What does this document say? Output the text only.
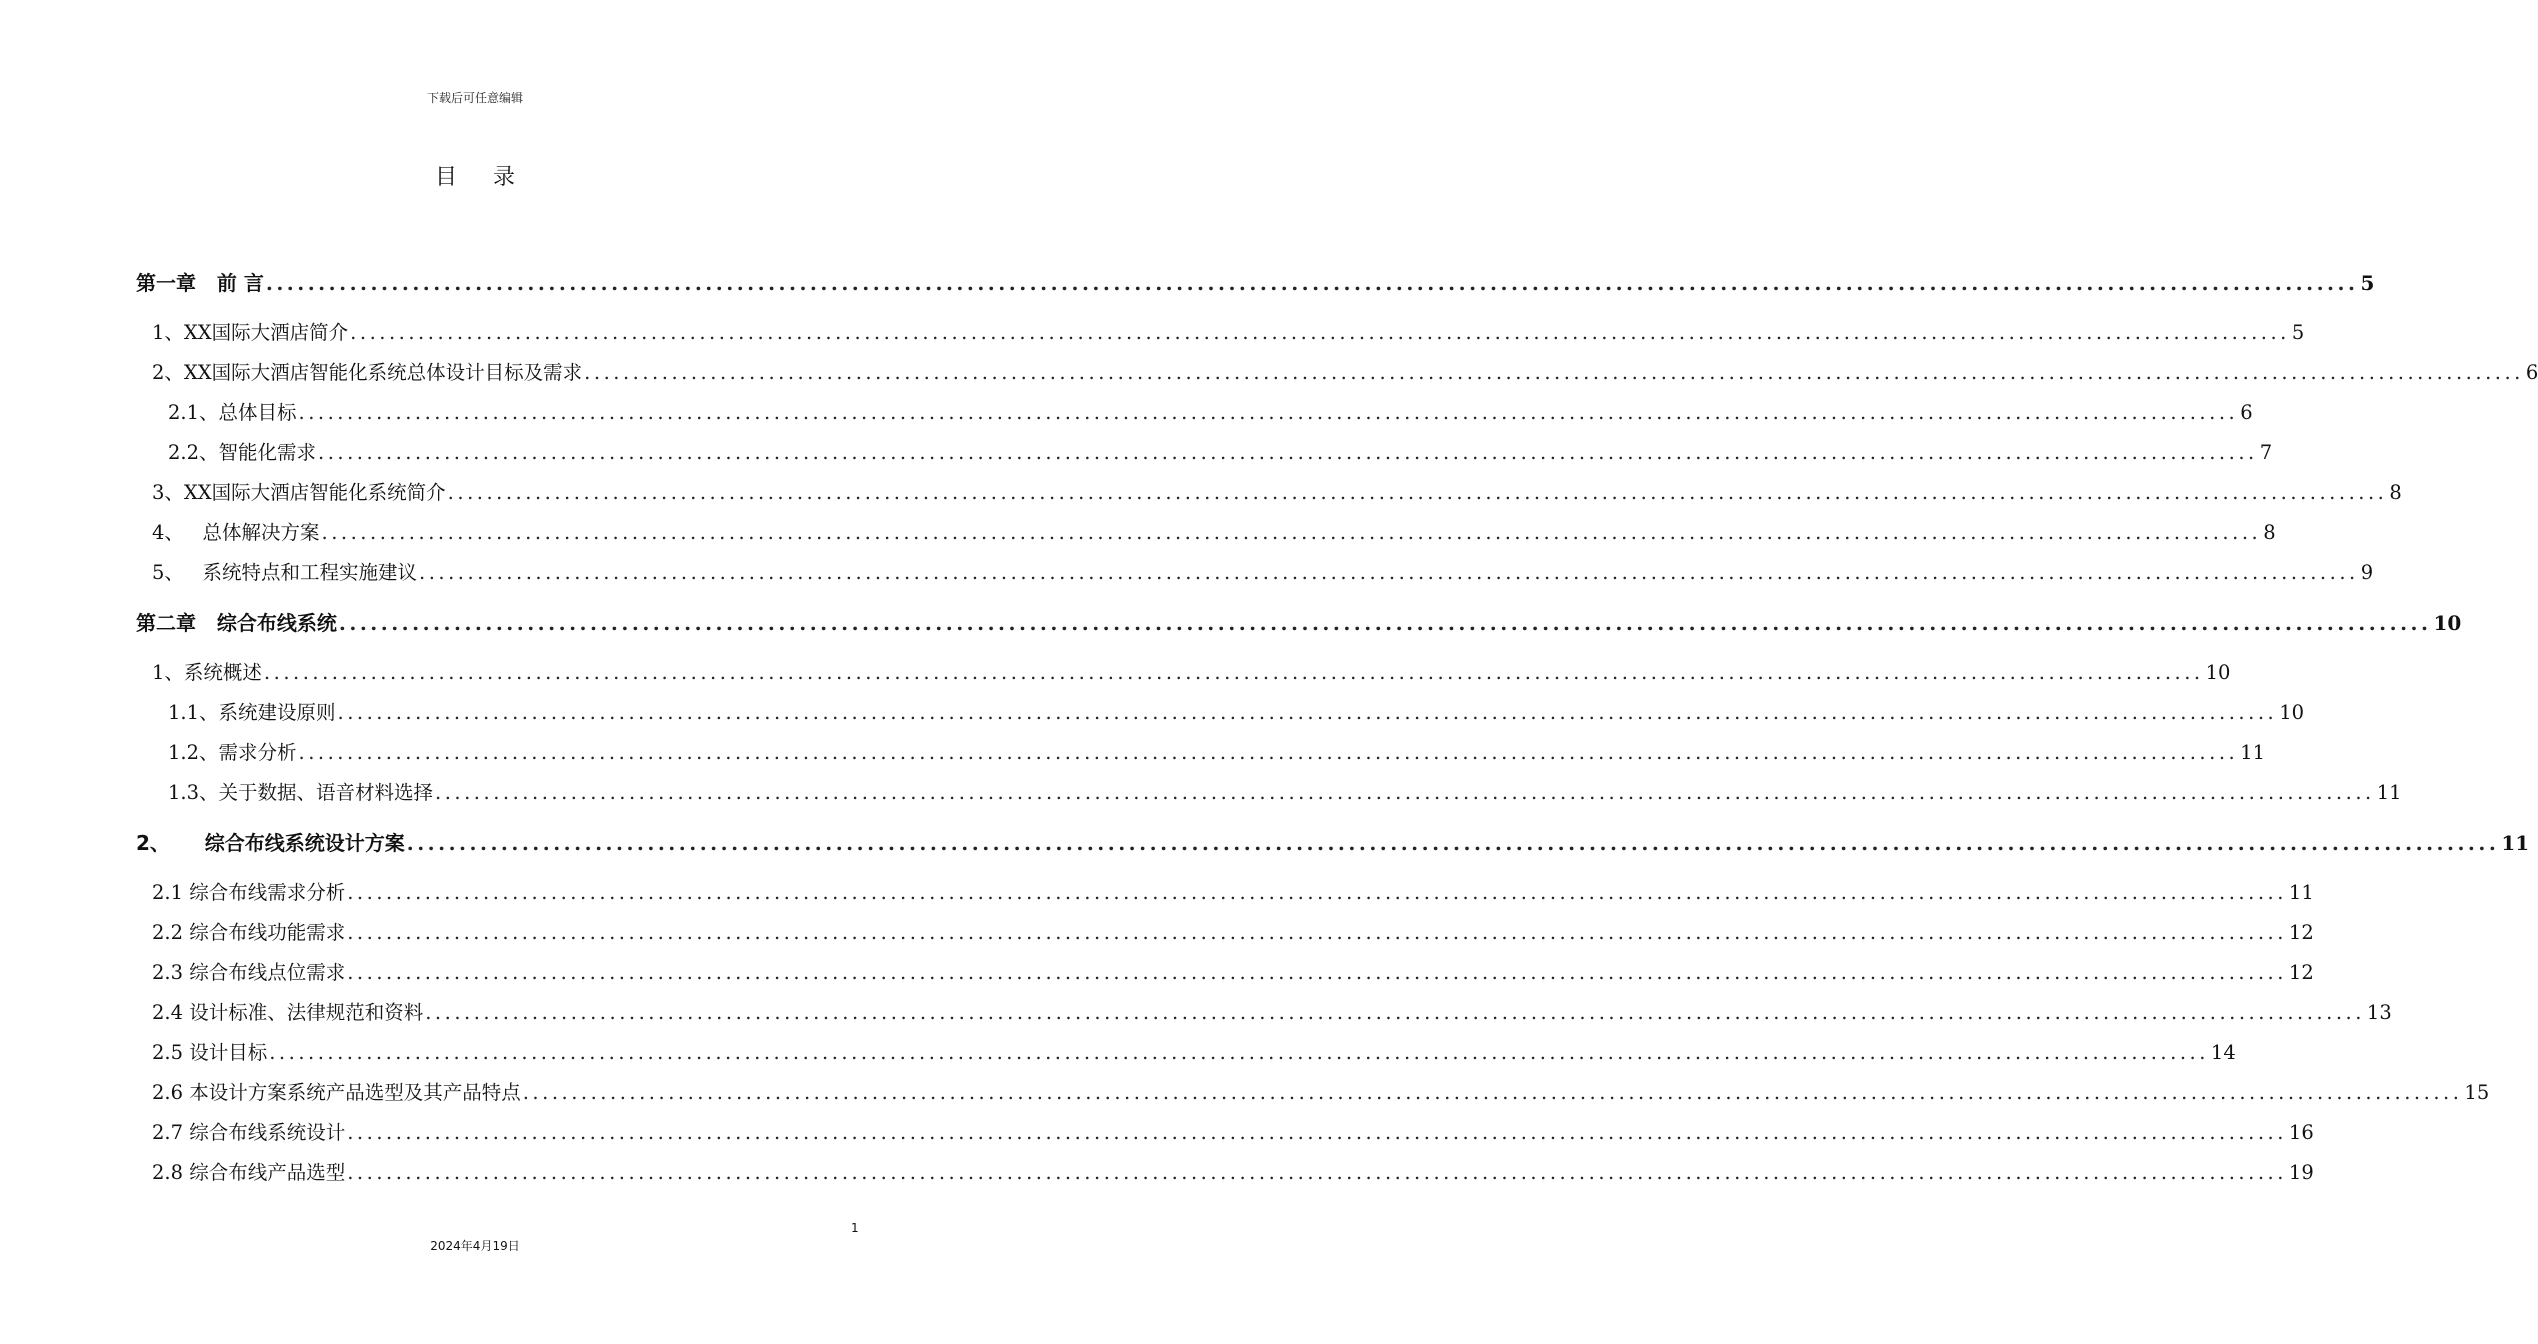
下载后可任意编辑
目录
第一章   前 言 ........................................................................................................................................................................................................ 5
1、XX国际大酒店简介 ........................................................................................................................................................................................................ 5
2、XX国际大酒店智能化系统总体设计目标及需求 ........................................................................................................................................................................................................ 6
2.1、总体目标 ........................................................................................................................................................................................................ 6
2.2、智能化需求 ........................................................................................................................................................................................................ 7
3、XX国际大酒店智能化系统简介 ........................................................................................................................................................................................................ 8
4、   总体解决方案 ........................................................................................................................................................................................................ 8
5、   系统特点和工程实施建议 ........................................................................................................................................................................................................ 9
第二章   综合布线系统 ........................................................................................................................................................................................................ 10
1、系统概述 ........................................................................................................................................................................................................ 10
1.1、系统建设原则 ........................................................................................................................................................................................................ 10
1.2、需求分析 ........................................................................................................................................................................................................ 11
1.3、关于数据、语音材料选择 ........................................................................................................................................................................................................ 11
2、     综合布线系统设计方案 ........................................................................................................................................................................................................ 11
2.1 综合布线需求分析 ........................................................................................................................................................................................................ 11
2.2 综合布线功能需求 ........................................................................................................................................................................................................ 12
2.3 综合布线点位需求 ........................................................................................................................................................................................................ 12
2.4 设计标准、法律规范和资料 ........................................................................................................................................................................................................ 13
2.5 设计目标 ........................................................................................................................................................................................................ 14
2.6 本设计方案系统产品选型及其产品特点 ........................................................................................................................................................................................................ 15
2.7 综合布线系统设计 ........................................................................................................................................................................................................ 16
2.8 综合布线产品选型 ........................................................................................................................................................................................................ 19
1
2024年4月19日
